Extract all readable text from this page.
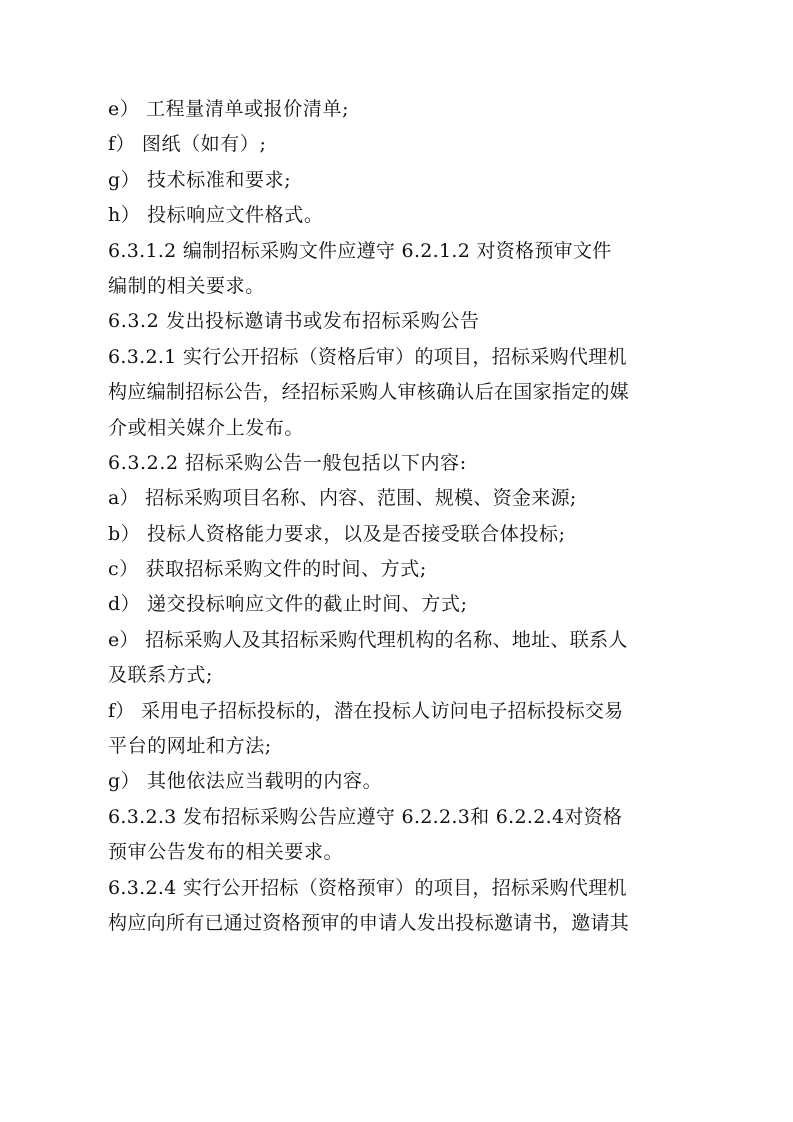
e） 工程量清单或报价清单;
f） 图纸（如有）;
g） 技术标准和要求;
h） 投标响应文件格式。
6.3.1.2 编制招标采购文件应遵守 6.2.1.2 对资格预审文件
编制的相关要求。
6.3.2 发出投标邀请书或发布招标采购公告
6.3.2.1 实行公开招标（资格后审）的项目，招标采购代理机
构应编制招标公告，经招标采购人审核确认后在国家指定的媒
介或相关媒介上发布。
6.3.2.2 招标采购公告一般包括以下内容:
a） 招标采购项目名称、内容、范围、规模、资金来源;
b） 投标人资格能力要求，以及是否接受联合体投标;
c） 获取招标采购文件的时间、方式;
d） 递交投标响应文件的截止时间、方式;
e） 招标采购人及其招标采购代理机构的名称、地址、联系人
及联系方式;
f） 采用电子招标投标的，潜在投标人访问电子招标投标交易
平台的网址和方法;
g） 其他依法应当载明的内容。
6.3.2.3 发布招标采购公告应遵守 6.2.2.3和 6.2.2.4对资格
预审公告发布的相关要求。
6.3.2.4 实行公开招标（资格预审）的项目，招标采购代理机
构应向所有已通过资格预审的申请人发出投标邀请书，邀请其
